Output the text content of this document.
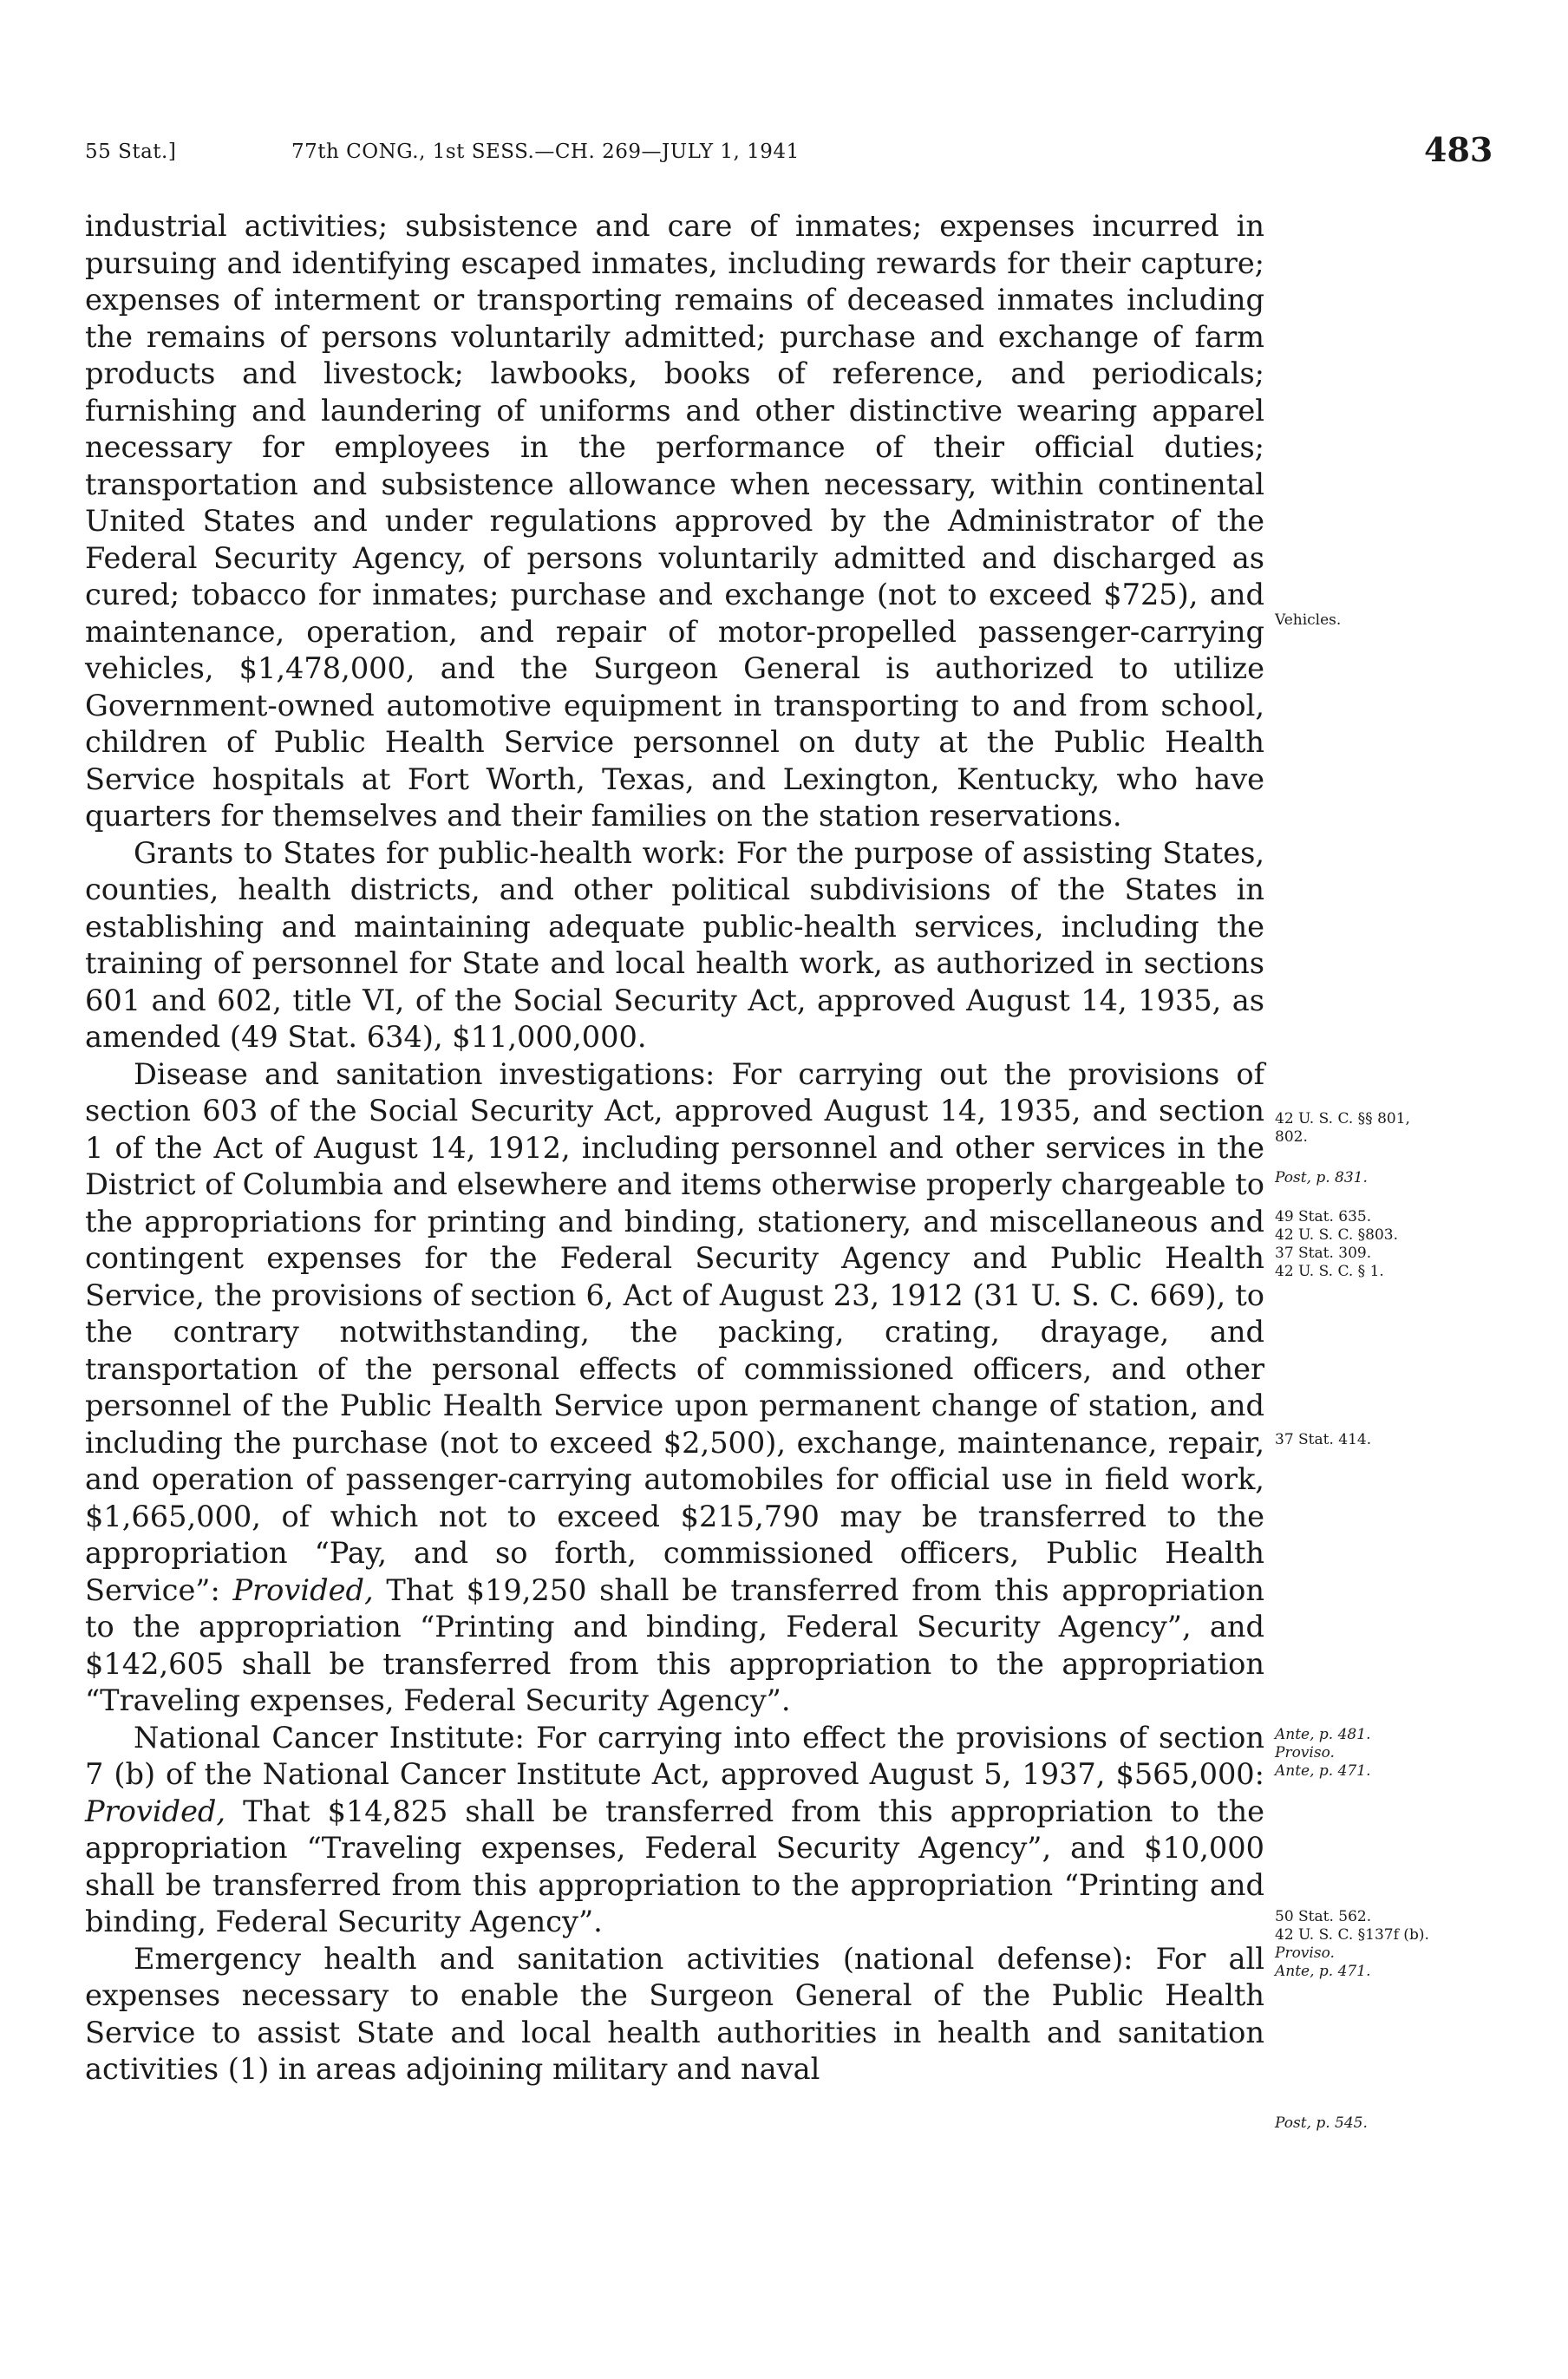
55 Stat.]	77th CONG., 1st SESS.—CH. 269—JULY 1, 1941	483

industrial activities; subsistence and care of inmates; expenses incurred in pursuing and identifying escaped inmates, including rewards for their capture; expenses of interment or transporting remains of deceased inmates including the remains of persons voluntarily admitted; purchase and exchange of farm products and livestock; lawbooks, books of reference, and periodicals; furnishing and laundering of uniforms and other distinctive wearing apparel necessary for employees in the performance of their official duties; transportation and subsistence allowance when necessary, within continental United States and under regulations approved by the Administrator of the Federal Security Agency, of persons voluntarily admitted and discharged as cured; tobacco for inmates; purchase and exchange (not to exceed $725), and maintenance, operation, and repair of motor-propelled passenger-carrying vehicles, $1,478,000, and the Surgeon General is authorized to utilize Government-owned automotive equipment in transporting to and from school, children of Public Health Service personnel on duty at the Public Health Service hospitals at Fort Worth, Texas, and Lexington, Kentucky, who have quarters for themselves and their families on the station reservations.

Grants to States for public-health work: For the purpose of assisting States, counties, health districts, and other political subdivisions of the States in establishing and maintaining adequate public-health services, including the training of personnel for State and local health work, as authorized in sections 601 and 602, title VI, of the Social Security Act, approved August 14, 1935, as amended (49 Stat. 634), $11,000,000.

Disease and sanitation investigations: For carrying out the provisions of section 603 of the Social Security Act, approved August 14, 1935, and section 1 of the Act of August 14, 1912, including personnel and other services in the District of Columbia and elsewhere and items otherwise properly chargeable to the appropriations for printing and binding, stationery, and miscellaneous and contingent expenses for the Federal Security Agency and Public Health Service, the provisions of section 6, Act of August 23, 1912 (31 U. S. C. 669), to the contrary notwithstanding, the packing, crating, drayage, and transportation of the personal effects of commissioned officers, and other personnel of the Public Health Service upon permanent change of station, and including the purchase (not to exceed $2,500), exchange, maintenance, repair, and operation of passenger-carrying automobiles for official use in field work, $1,665,000, of which not to exceed $215,790 may be transferred to the appropriation “Pay, and so forth, commissioned officers, Public Health Service”: Provided, That $19,250 shall be transferred from this appropriation to the appropriation “Printing and binding, Federal Security Agency”, and $142,605 shall be transferred from this appropriation to the appropriation “Traveling expenses, Federal Security Agency”.

National Cancer Institute: For carrying into effect the provisions of section 7 (b) of the National Cancer Institute Act, approved August 5, 1937, $565,000: Provided, That $14,825 shall be transferred from this appropriation to the appropriation “Traveling expenses, Federal Security Agency”, and $10,000 shall be transferred from this appropriation to the appropriation “Printing and binding, Federal Security Agency”.

Emergency health and sanitation activities (national defense): For all expenses necessary to enable the Surgeon General of the Public Health Service to assist State and local health authorities in health and sanitation activities (1) in areas adjoining military and naval

Vehicles.
42 U. S. C. §§ 801,
802.
Post, p. 831.
49 Stat. 635.
42 U. S. C. §803.
37 Stat. 309.
42 U. S. C. § 1.
37 Stat. 414.
Ante, p. 481.
Proviso.
Ante, p. 471.
50 Stat. 562.
42 U. S. C. §137f (b).
Proviso.
Ante, p. 471.
Post, p. 545.
